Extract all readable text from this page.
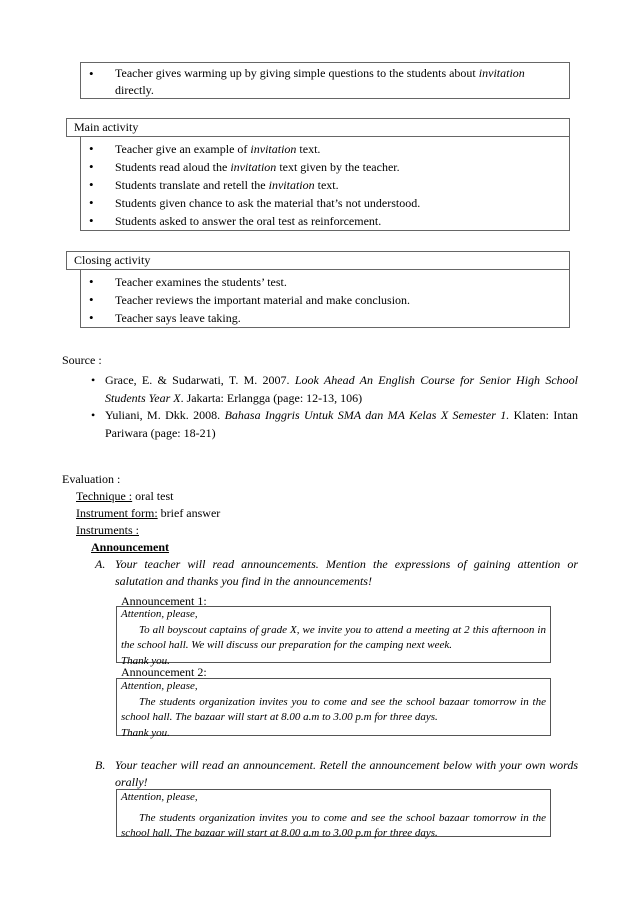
• Teacher gives warming up by giving simple questions to the students about invitation directly.
Main activity
• Teacher give an example of invitation text.
• Students read aloud the invitation text given by the teacher.
• Students translate and retell the invitation text.
• Students given chance to ask the material that’s not understood.
• Students asked to answer the oral test as reinforcement.
Closing activity
• Teacher examines the students’ test.
• Teacher reviews the important material and make conclusion.
• Teacher says leave taking.
Source :
• Grace, E. & Sudarwati, T. M. 2007. Look Ahead An English Course for Senior High School Students Year X. Jakarta: Erlangga (page: 12-13, 106)
• Yuliani, M. Dkk. 2008. Bahasa Inggris Untuk SMA dan MA Kelas X Semester 1. Klaten: Intan Pariwara (page: 18-21)
Evaluation :
Technique : oral test
Instrument form: brief answer
Instruments :
Announcement
A. Your teacher will read announcements. Mention the expressions of gaining attention or salutation and thanks you find in the announcements!
Announcement 1:
Attention, please,
To all boyscout captains of grade X, we invite you to attend a meeting at 2 this afternoon in the school hall. We will discuss our preparation for the camping next week.
Thank you.
Announcement 2:
Attention, please,
The students organization invites you to come and see the school bazaar tomorrow in the school hall. The bazaar will start at 8.00 a.m to 3.00 p.m for three days.
Thank you.
B. Your teacher will read an announcement. Retell the announcement below with your own words orally!
Attention, please,
The students organization invites you to come and see the school bazaar tomorrow in the school hall. The bazaar will start at 8.00 a.m to 3.00 p.m for three days.
